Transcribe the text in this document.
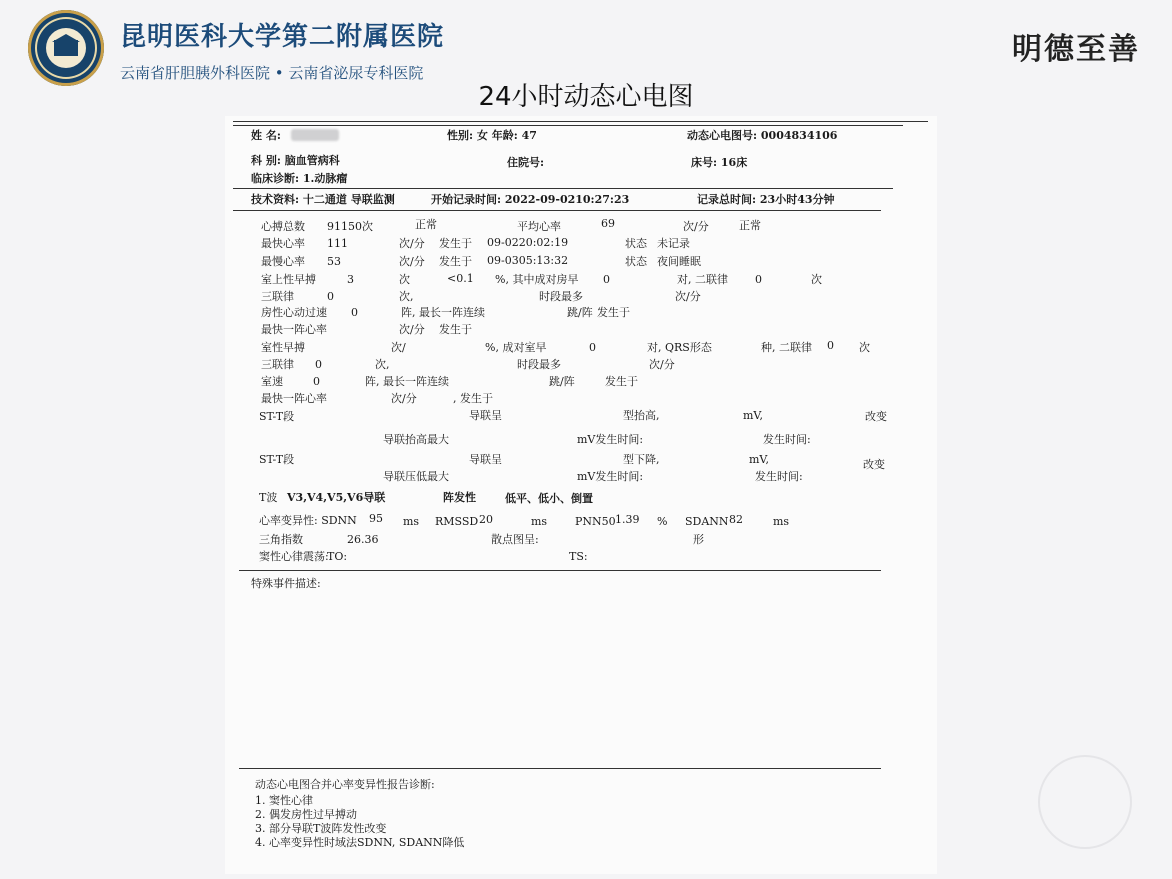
昆明医科大学第二附属医院
云南省肝胆胰外科医院 • 云南省泌尿专科医院
明德至善
24小时动态心电图
姓 名:	性别: 女 年龄: 47	动态心电图号: 0004834106
科 别: 脑血管病科	住院号:	床号: 16床
临床诊断: 1.动脉瘤
技术资料: 十二通道 导联监测	开始记录时间: 2022-09-0210:27:23	记录总时间: 23小时43分钟
心搏总数 91150次	正常	平均心率	69	次/分	正常
最快心率 111	次/分 发生于 09-0220:02:19	状态 未记录
最慢心率 53	次/分 发生于 09-0305:13:32	状态 夜间睡眠
室上性早搏	3	次	<0.1 %, 其中成对房早 0	对, 二联律 0	次
三联律	0	次,	时段最多	次/分
房性心动过速 0	阵, 最长一阵连续	跳/阵 发生于
最快一阵心率	次/分 发生于
室性早搏	次/	%, 成对室早	0	对, QRS形态	种, 二联律 0 次
三联律 0	次,	时段最多	次/分
室速	0	阵, 最长一阵连续	跳/阵	发生于
最快一阵心率	次/分	, 发生于
ST-T段	导联呈	型抬高,	mV,	改变
导联抬高最大	mV发生时间:	发生时间:
ST-T段	导联呈	型下降,	mV,	改变
导联压低最大	mV发生时间:	发生时间:
T波 V3,V4,V5,V6导联	阵发性	低平、低小、倒置
心率变异性: SDNN 95 ms RMSSD 20	ms	PNN50 1.39 % SDANN 82	ms
三角指数	26.36	散点图呈:	形
窦性心律震荡:
TO:	TS:
特殊事件描述:
动态心电图合并心率变异性报告诊断:
1. 窦性心律
2. 偶发房性过早搏动
3. 部分导联T波阵发性改变
4. 心率变异性时域法SDNN, SDANN降低
